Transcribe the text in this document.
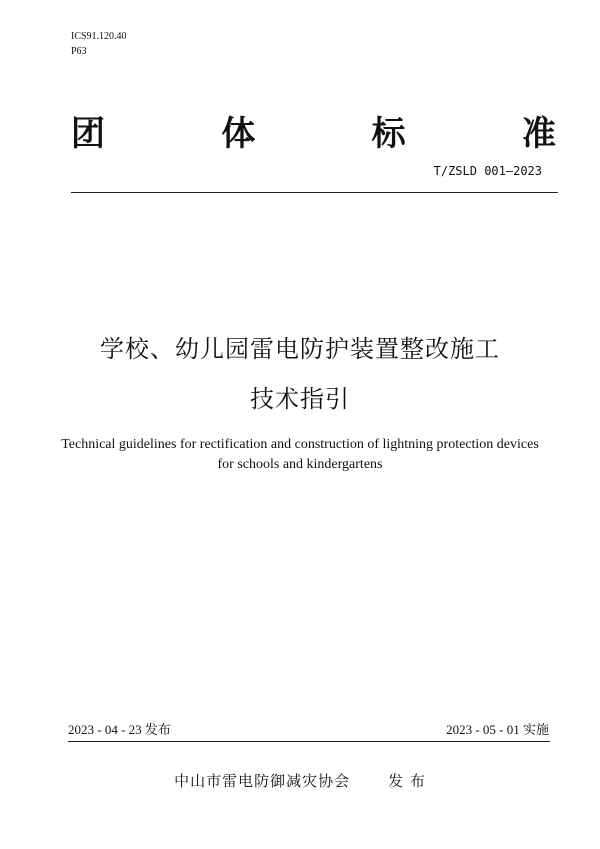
ICS91.120.40
P63
团	体	标	准
T/ZSLD 001—2023
学校、幼儿园雷电防护装置整改施工
技术指引
Technical guidelines for rectification and construction of lightning protection devices
for schools and kindergartens
2023 - 04 - 23 发布	2023 - 05 - 01 实施
中山市雷电防御减灾协会	发 布
